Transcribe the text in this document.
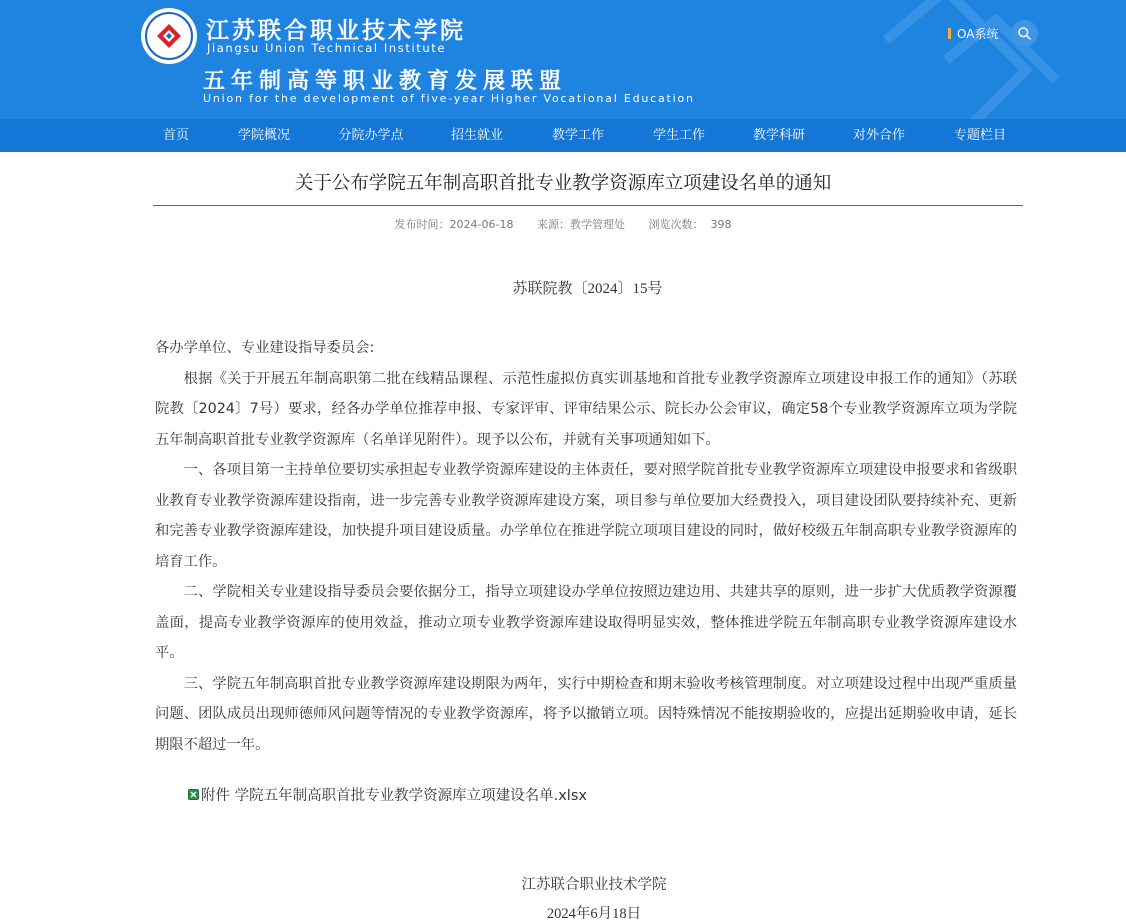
江苏联合职业技术学院
Jiangsu Union Technical Institute
五年制高等职业教育发展联盟
Union for the development of five-year Higher Vocational Education
OA系统
首页	学院概况	分院办学点	招生就业	教学工作	学生工作	教学科研	对外合作	专题栏目
关于公布学院五年制高职首批专业教学资源库立项建设名单的通知
发布时间：2024-06-18 来源：教学管理处 浏览次数： 398
苏联院教〔2024〕15号

各办学单位、专业建设指导委员会:

根据《关于开展五年制高职第二批在线精品课程、示范性虚拟仿真实训基地和首批专业教学资源库立项建设申报工作的通知》（苏联院教〔2024〕7号）要求，经各办学单位推荐申报、专家评审、评审结果公示、院长办公会审议，确定58个专业教学资源库立项为学院五年制高职首批专业教学资源库（名单详见附件）。现予以公布，并就有关事项通知如下。

一、各项目第一主持单位要切实承担起专业教学资源库建设的主体责任，要对照学院首批专业教学资源库立项建设申报要求和省级职业教育专业教学资源库建设指南，进一步完善专业教学资源库建设方案，项目参与单位要加大经费投入，项目建设团队要持续补充、更新和完善专业教学资源库建设，加快提升项目建设质量。办学单位在推进学院立项项目建设的同时，做好校级五年制高职专业教学资源库的培育工作。

二、学院相关专业建设指导委员会要依据分工，指导立项建设办学单位按照边建边用、共建共享的原则，进一步扩大优质教学资源覆盖面，提高专业教学资源库的使用效益，推动立项专业教学资源库建设取得明显实效，整体推进学院五年制高职专业教学资源库建设水平。

三、学院五年制高职首批专业教学资源库建设期限为两年，实行中期检查和期末验收考核管理制度。对立项建设过程中出现严重质量问题、团队成员出现师德师风问题等情况的专业教学资源库，将予以撤销立项。因特殊情况不能按期验收的，应提出延期验收申请，延长期限不超过一年。

附件 学院五年制高职首批专业教学资源库立项建设名单.xlsx
江苏联合职业技术学院
2024年6月18日
